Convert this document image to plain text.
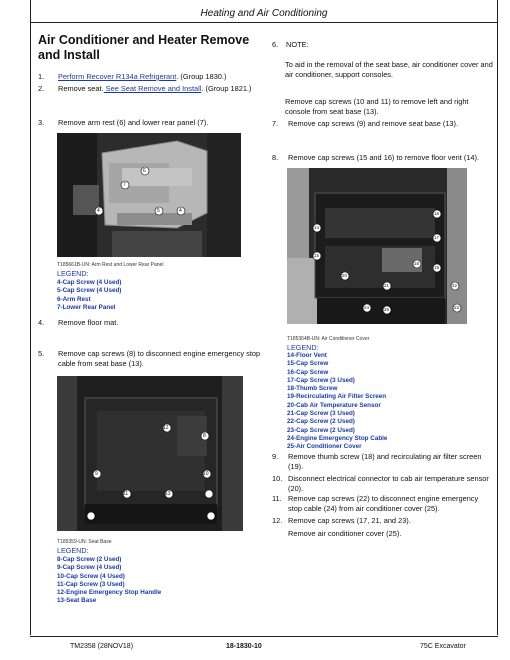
Heating and Air Conditioning
Air Conditioner and Heater Remove and Install
1. Perform Recover R134a Refrigerant. (Group 1830.)
2. Remove seat. See Seat Remove and Install. (Group 1821.)
3. Remove arm rest (6) and lower rear panel (7).
6
7
4	5	4
T185661B-UN: Arm Rest and Lower Rear Panel
LEGEND:
4-Cap Screw (4 Used)
5-Cap Screw (4 Used)
6-Arm Rest
7-Lower Rear Panel
4. Remove floor mat.
5. Remove cap screws (8) to disconnect engine emergency stop cable from seat base (13).
12
8
9	10
11	13
T185359-UN: Seat Base
LEGEND:
8-Cap Screw (2 Used)
9-Cap Screw (4 Used)
10-Cap Screw (4 Used)
11-Cap Screw (3 Used)
12-Engine Emergency Stop Handle
13-Seat Base
6. NOTE:
To aid in the removal of the seat base, air conditioner cover and air conditioner, support consoles.
Remove cap screws (10 and 11) to remove left and right console from seat base (13).
7. Remove cap screws (9) and remove seat base (13).
8. Remove cap screws (15 and 16) to remove floor vent (14).
14
15
16
17
18
19
20
21	22
23
24	25
T185364B-UN: Air Conditioner Cover
LEGEND:
14-Floor Vent
15-Cap Screw
16-Cap Screw
17-Cap Screw (3 Used)
18-Thumb Screw
19-Recirculating Air Filter Screen
20-Cab Air Temperature Sensor
21-Cap Screw (3 Used)
22-Cap Screw (2 Used)
23-Cap Screw (2 Used)
24-Engine Emergency Stop Cable
25-Air Conditioner Cover
9. Remove thumb screw (18) and recirculating air filter screen (19).
10. Disconnect electrical connector to cab air temperature sensor (20).
11. Remove cap screws (22) to disconnect engine emergency stop cable (24) from air conditioner cover (25).
12. Remove cap screws (17, 21, and 23).
Remove air conditioner cover (25).
TM2358 (28NOV18)	18-1830-10	75C Excavator
